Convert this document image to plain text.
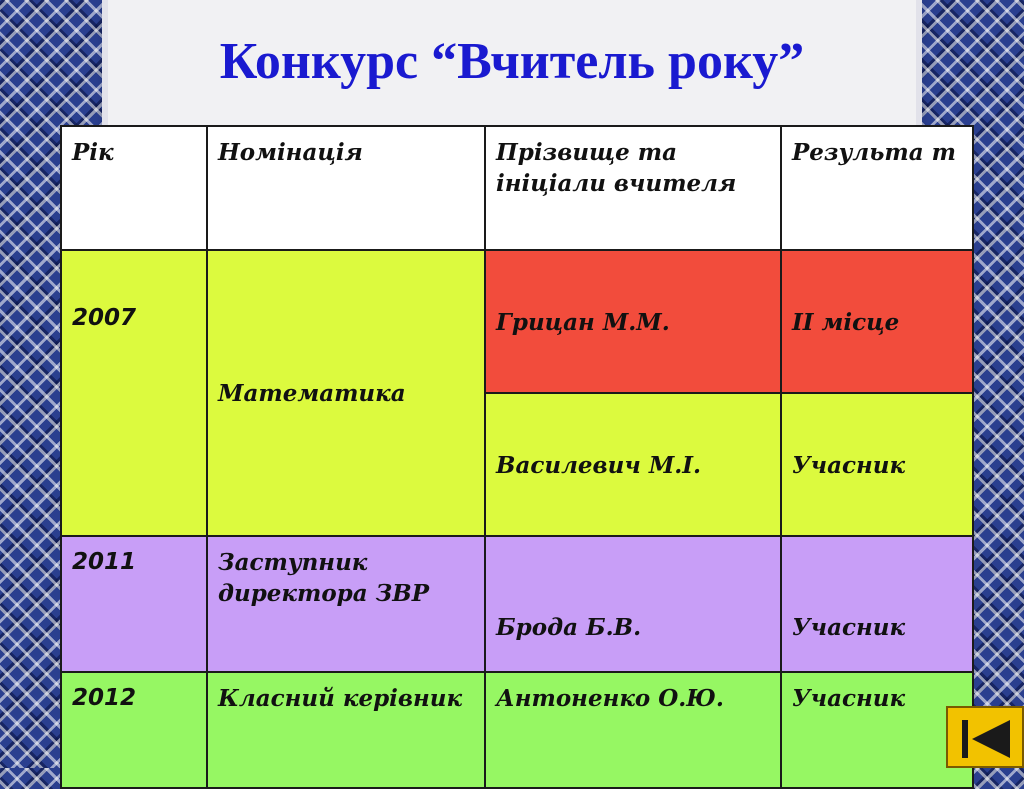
Конкурс “Вчитель року”
Рік	Номінація	Прізвище та ініціали вчителя	Результа т
2007	Математика	Грицан М.М.	II місце
		Василевич М.І.	Учасник
2011	Заступник директора ЗВР	Брода Б.В.	Учасник
2012	Класний керівник	Антоненко О.Ю.	Учасник
